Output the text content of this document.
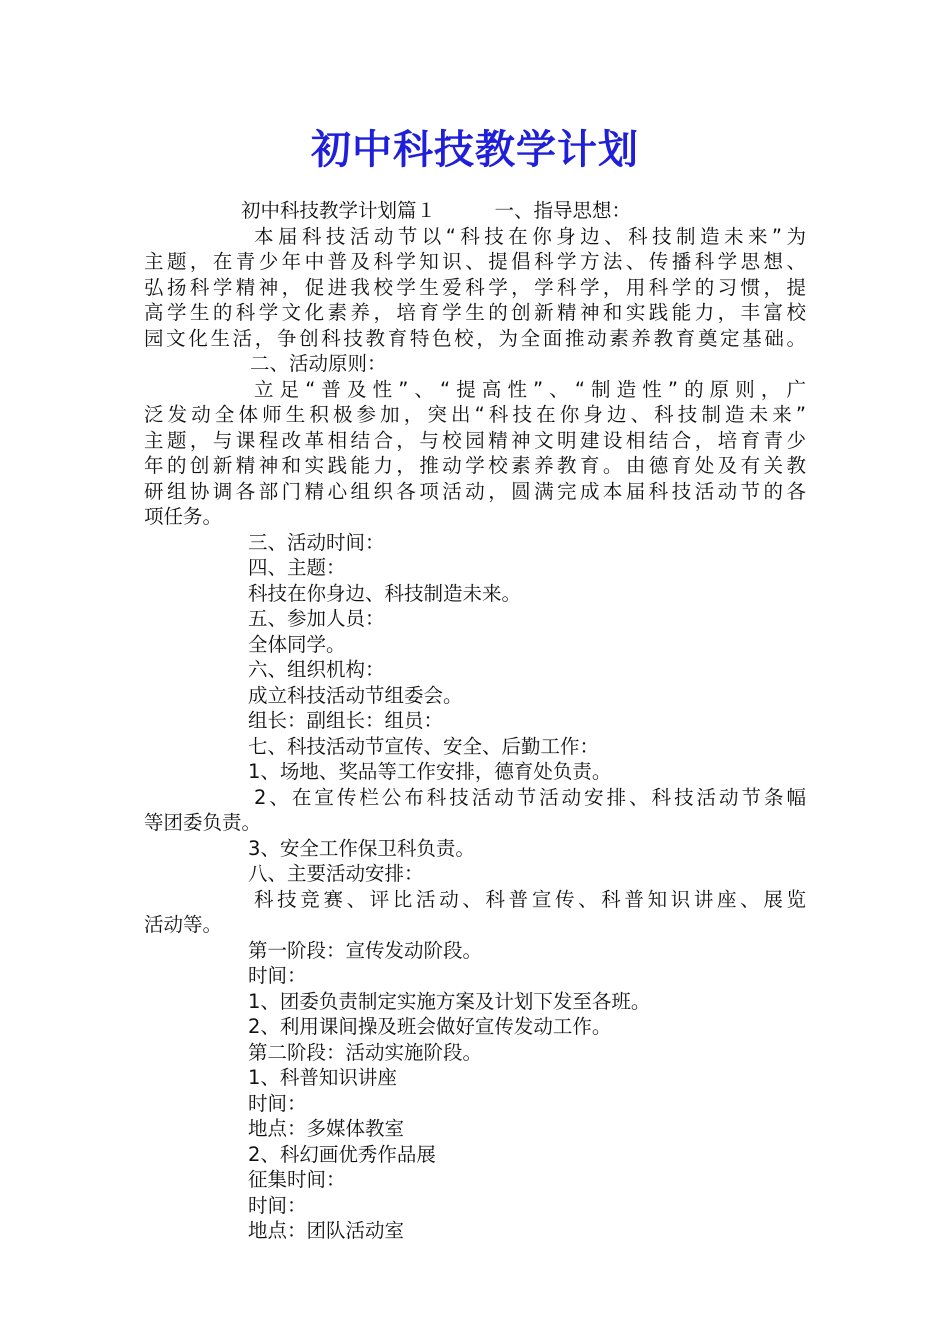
初中科技教学计划
初中科技教学计划篇１　　　一、指导思想：
本届科技活动节以“科技在你身边、科技制造未来”为
主题，在青少年中普及科学知识、提倡科学方法、传播科学思想、
弘扬科学精神，促进我校学生爱科学，学科学，用科学的习惯，提
高学生的科学文化素养，培育学生的创新精神和实践能力，丰富校
园文化生活，争创科技教育特色校，为全面推动素养教育奠定基础。
二、活动原则：
立足“普及性”、“提高性”、“制造性”的原则，广
泛发动全体师生积极参加，突出“科技在你身边、科技制造未来”
主题，与课程改革相结合，与校园精神文明建设相结合，培育青少
年的创新精神和实践能力，推动学校素养教育。由德育处及有关教
研组协调各部门精心组织各项活动，圆满完成本届科技活动节的各
项任务。
三、活动时间：
四、主题：
科技在你身边、科技制造未来。
五、参加人员：
全体同学。
六、组织机构：
成立科技活动节组委会。
组长：副组长：组员：
七、科技活动节宣传、安全、后勤工作：
1、场地、奖品等工作安排，德育处负责。
2、在宣传栏公布科技活动节活动安排、科技活动节条幅
等团委负责。
3、安全工作保卫科负责。
八、主要活动安排：
科技竞赛、评比活动、科普宣传、科普知识讲座、展览
活动等。
第一阶段：宣传发动阶段。
时间：
1、团委负责制定实施方案及计划下发至各班。
2、利用课间操及班会做好宣传发动工作。
第二阶段：活动实施阶段。
1、科普知识讲座
时间：
地点：多媒体教室
2、科幻画优秀作品展
征集时间：
时间：
地点：团队活动室
